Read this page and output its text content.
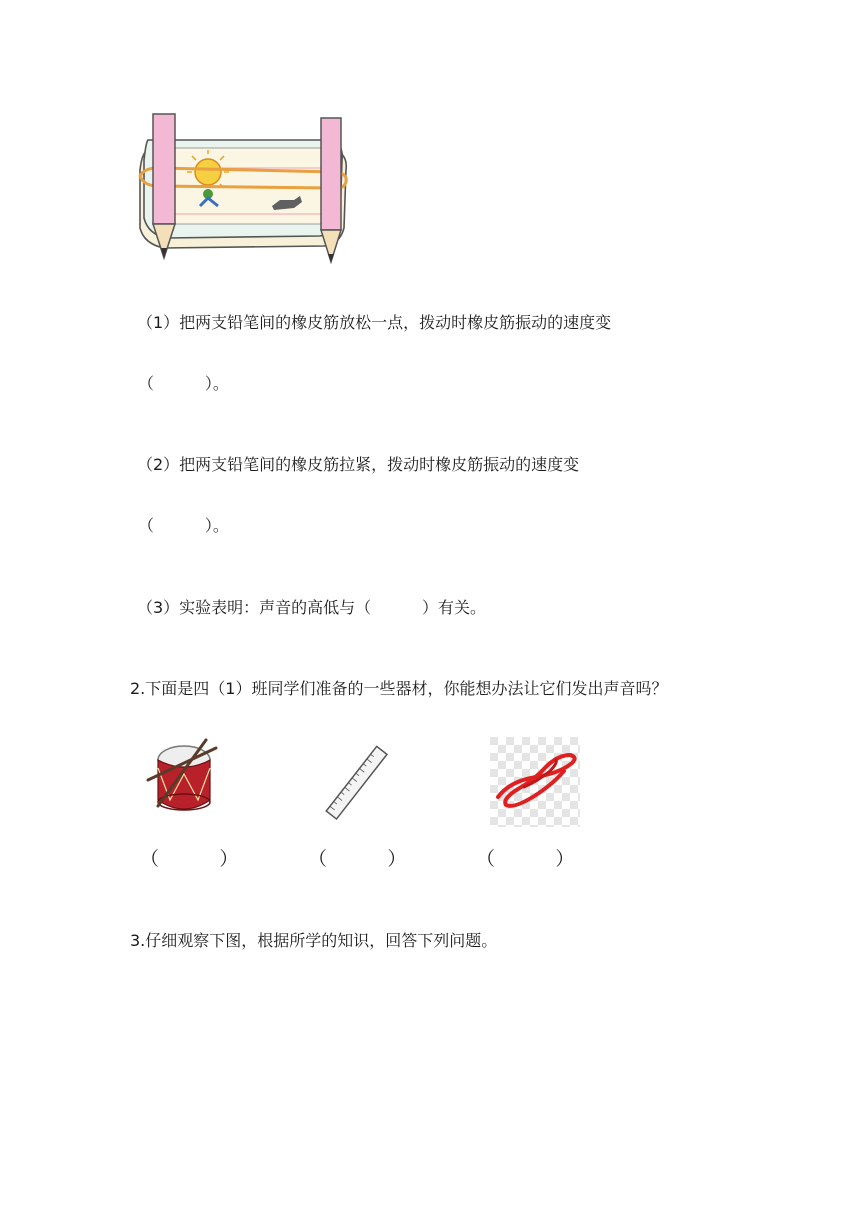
（1）把两支铅笔间的橡皮筋放松一点，拨动时橡皮筋振动的速度变
（          ）。
（2）把两支铅笔间的橡皮筋拉紧，拨动时橡皮筋振动的速度变
（          ）。
（3）实验表明：声音的高低与（          ）有关。
2.下面是四（1）班同学们准备的一些器材，你能想办法让它们发出声音吗？
（          ）	（          ）	（          ）
3.仔细观察下图，根据所学的知识，回答下列问题。
